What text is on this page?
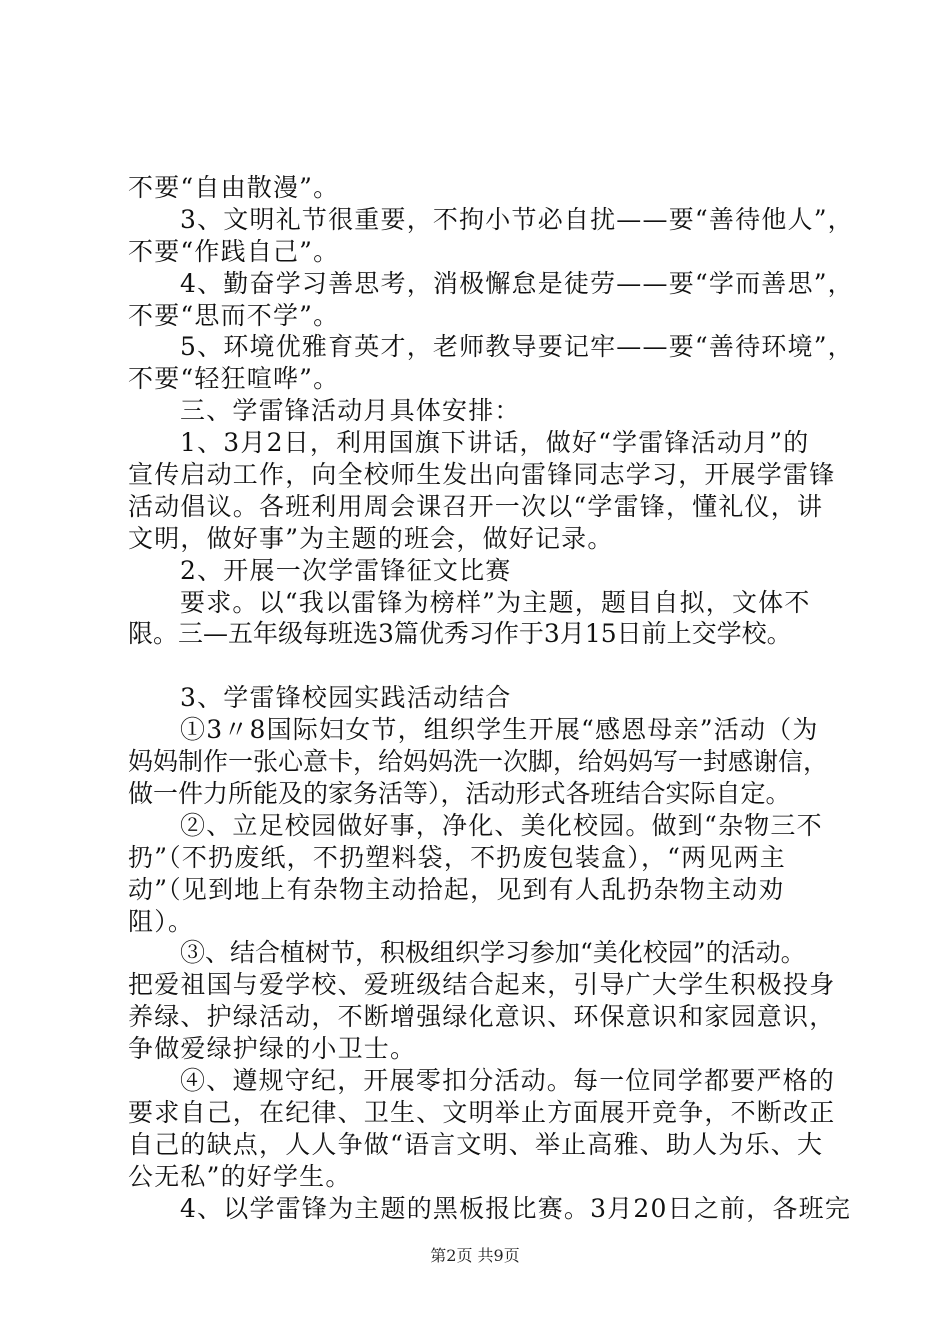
不要“自由散漫”。
3、文明礼节很重要，不拘小节必自扰——要“善待他人”，
不要“作践自己”。
4、勤奋学习善思考，消极懈怠是徒劳——要“学而善思”，
不要“思而不学”。
5、环境优雅育英才，老师教导要记牢——要“善待环境”，
不要“轻狂喧哗”。
三、学雷锋活动月具体安排：
1、3月2日，利用国旗下讲话，做好“学雷锋活动月”的
宣传启动工作，向全校师生发出向雷锋同志学习，开展学雷锋
活动倡议。各班利用周会课召开一次以“学雷锋，懂礼仪，讲
文明，做好事”为主题的班会，做好记录。
2、开展一次学雷锋征文比赛
要求。以“我以雷锋为榜样”为主题，题目自拟，文体不
限。三—五年级每班选3篇优秀习作于3月15日前上交学校。
3、学雷锋校园实践活动结合
①3〃8国际妇女节，组织学生开展“感恩母亲”活动（为
妈妈制作一张心意卡，给妈妈洗一次脚，给妈妈写一封感谢信，
做一件力所能及的家务活等），活动形式各班结合实际自定。
②、立足校园做好事，净化、美化校园。做到“杂物三不
扔”（不扔废纸，不扔塑料袋，不扔废包装盒），“两见两主
动”（见到地上有杂物主动拾起，见到有人乱扔杂物主动劝
阻）。
③、结合植树节，积极组织学习参加“美化校园”的活动。
把爱祖国与爱学校、爱班级结合起来，引导广大学生积极投身
养绿、护绿活动，不断增强绿化意识、环保意识和家园意识，
争做爱绿护绿的小卫士。
④、遵规守纪，开展零扣分活动。每一位同学都要严格的
要求自己，在纪律、卫生、文明举止方面展开竞争，不断改正
自己的缺点，人人争做“语言文明、举止高雅、助人为乐、大
公无私”的好学生。
4、以学雷锋为主题的黑板报比赛。3月20日之前，各班完
第2页 共9页
